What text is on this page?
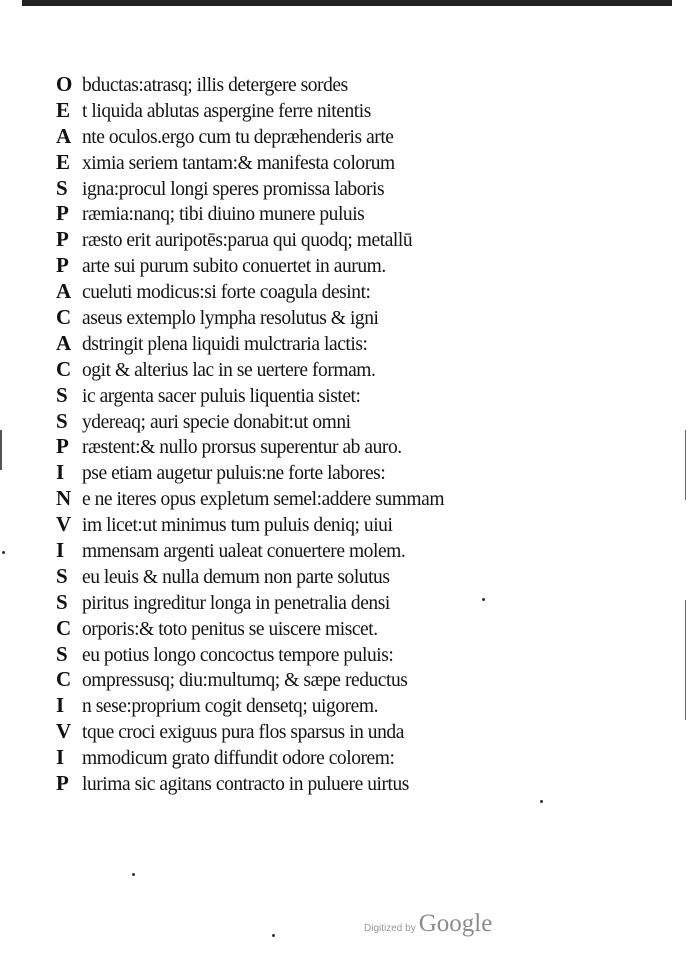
O bductas:atrasq; illis detergere sordes
E t liquida ablutas aspergine ferre nitentis
A nte oculos.ergo cum tu depræhenderis arte
E ximia seriem tantam:& manifesta colorum
S igna:procul longi speres promissa laboris
P ræmia:nanq; tibi diuino munere puluis
P ræsto erit auripotēs:parua qui quodq; metallū
P arte sui purum subito conuertet in aurum.
A cueluti modicus:si forte coagula desint:
C aseus extemplo lympha resolutus & igni
A dstringit plena liquidi mulctraria lactis:
C ogit & alterius lac in se uertere formam.
S ic argenta sacer puluis liquentia sistet:
S ydereaq; auri specie donabit:ut omni
P ræstent:& nullo prorsus superentur ab auro.
I pse etiam augetur puluis:ne forte labores:
N e ne iteres opus expletum semel:addere summam
V im licet:ut minimus tum puluis deniq; uiui
I mmensam argenti ualeat conuertere molem.
S eu leuis & nulla demum non parte solutus
S piritus ingreditur longa in penetralia densi
C orporis:& toto penitus se uiscere miscet.
S eu potius longo concoctus tempore puluis:
C ompressusq; diu:multumq; & sæpe reductus
I n sese:proprium cogit densetq; uigorem.
V tque croci exiguus pura flos sparsus in unda
I mmodicum grato diffundit odore colorem:
P lurima sic agitans contracto in puluere uirtus
Digitized by Google
